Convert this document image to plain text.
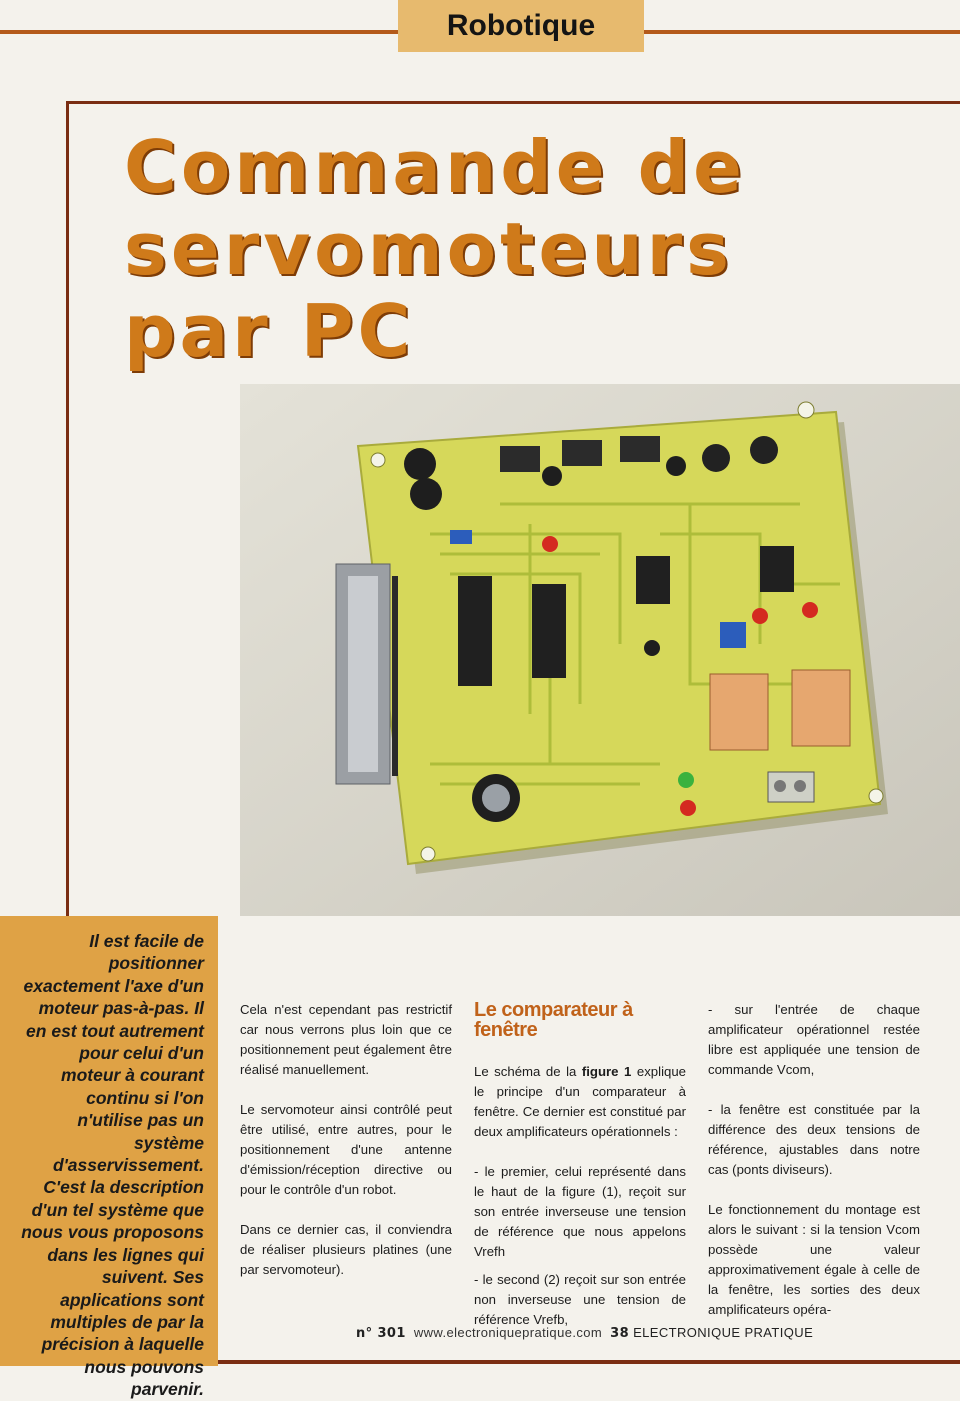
Robotique
Commande de
servomoteurs
par PC

Il est facile de positionner exactement l'axe d'un moteur pas-à-pas. Il en est tout autrement pour celui d'un moteur à courant continu si l'on n'utilise pas un système d'asservissement. C'est la description d'un tel système que nous vous proposons dans les lignes qui suivent. Ses applications sont multiples de par la précision à laquelle nous pouvons parvenir.

Cela n'est cependant pas restrictif car nous verrons plus loin que ce positionnement peut également être réalisé manuellement.

Le servomoteur ainsi contrôlé peut être utilisé, entre autres, pour le positionnement d'une antenne d'émission/réception directive ou pour le contrôle d'un robot.

Dans ce dernier cas, il conviendra de réaliser plusieurs platines (une par servomoteur).

Le comparateur à fenêtre

Le schéma de la figure 1 explique le principe d'un comparateur à fenêtre. Ce dernier est constitué par deux amplificateurs opérationnels :

- le premier, celui représenté dans le haut de la figure (1), reçoit sur son entrée inverseuse une tension de référence que nous appelons Vrefh

- le second (2) reçoit sur son entrée non inverseuse une tension de référence Vrefb,

- sur l'entrée de chaque amplificateur opérationnel restée libre est appliquée une tension de commande Vcom,

- la fenêtre est constituée par la différence des deux tensions de référence, ajustables dans notre cas (ponts diviseurs).

Le fonctionnement du montage est alors le suivant : si la tension Vcom possède une valeur approximativement égale à celle de la fenêtre, les sorties des deux amplificateurs opéra-

n° 301 www.electroniquepratique.com 38 ELECTRONIQUE PRATIQUE
